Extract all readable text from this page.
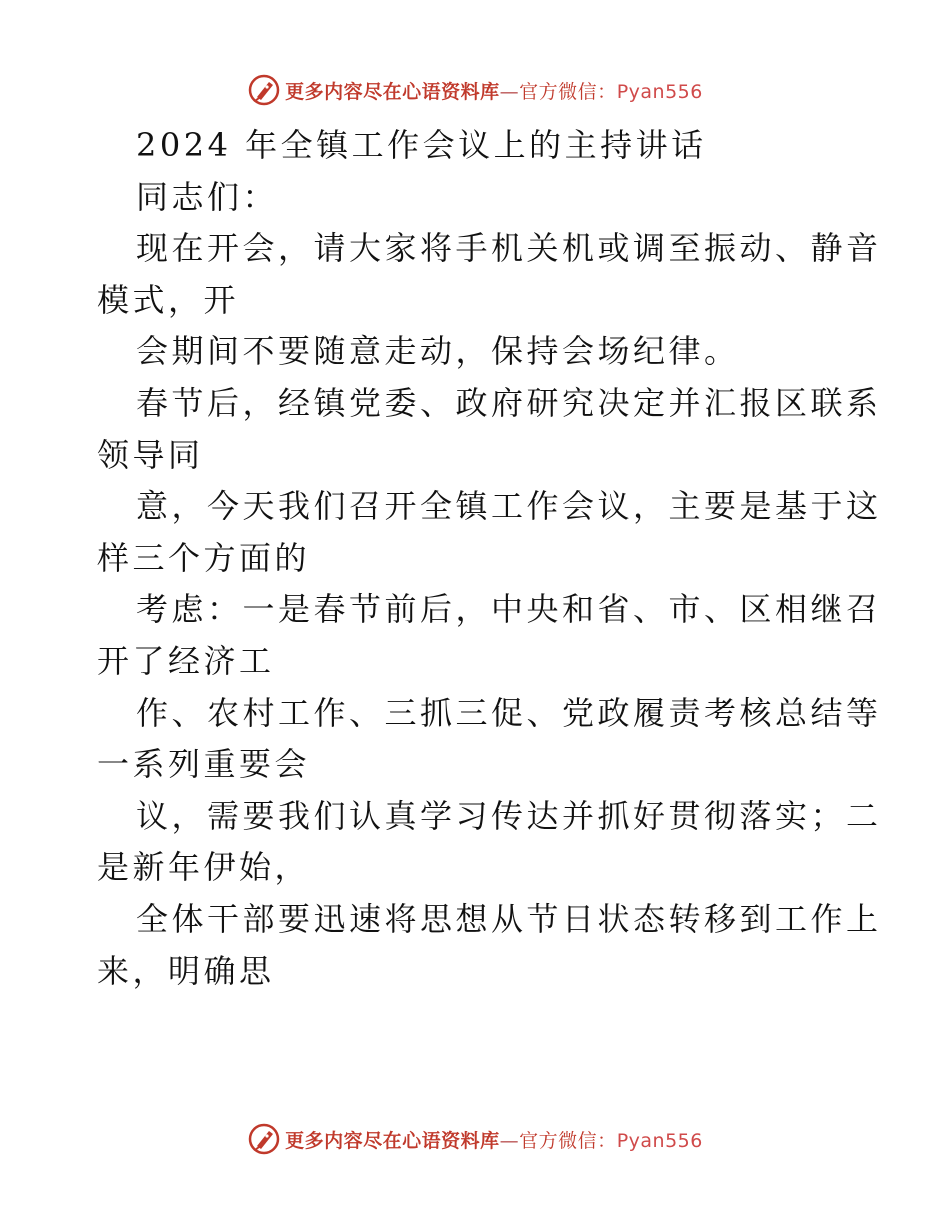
更多内容尽在心语资料库—官方微信：Pyan556
2024 年全镇工作会议上的主持讲话
同志们：
现在开会，请大家将手机关机或调至振动、静音
模式，开
会期间不要随意走动，保持会场纪律。
春节后，经镇党委、政府研究决定并汇报区联系
领导同
意，今天我们召开全镇工作会议，主要是基于这
样三个方面的
考虑：一是春节前后，中央和省、市、区相继召
开了经济工
作、农村工作、三抓三促、党政履责考核总结等
一系列重要会
议，需要我们认真学习传达并抓好贯彻落实；二
是新年伊始，
全体干部要迅速将思想从节日状态转移到工作上
来，明确思
更多内容尽在心语资料库—官方微信：Pyan556
